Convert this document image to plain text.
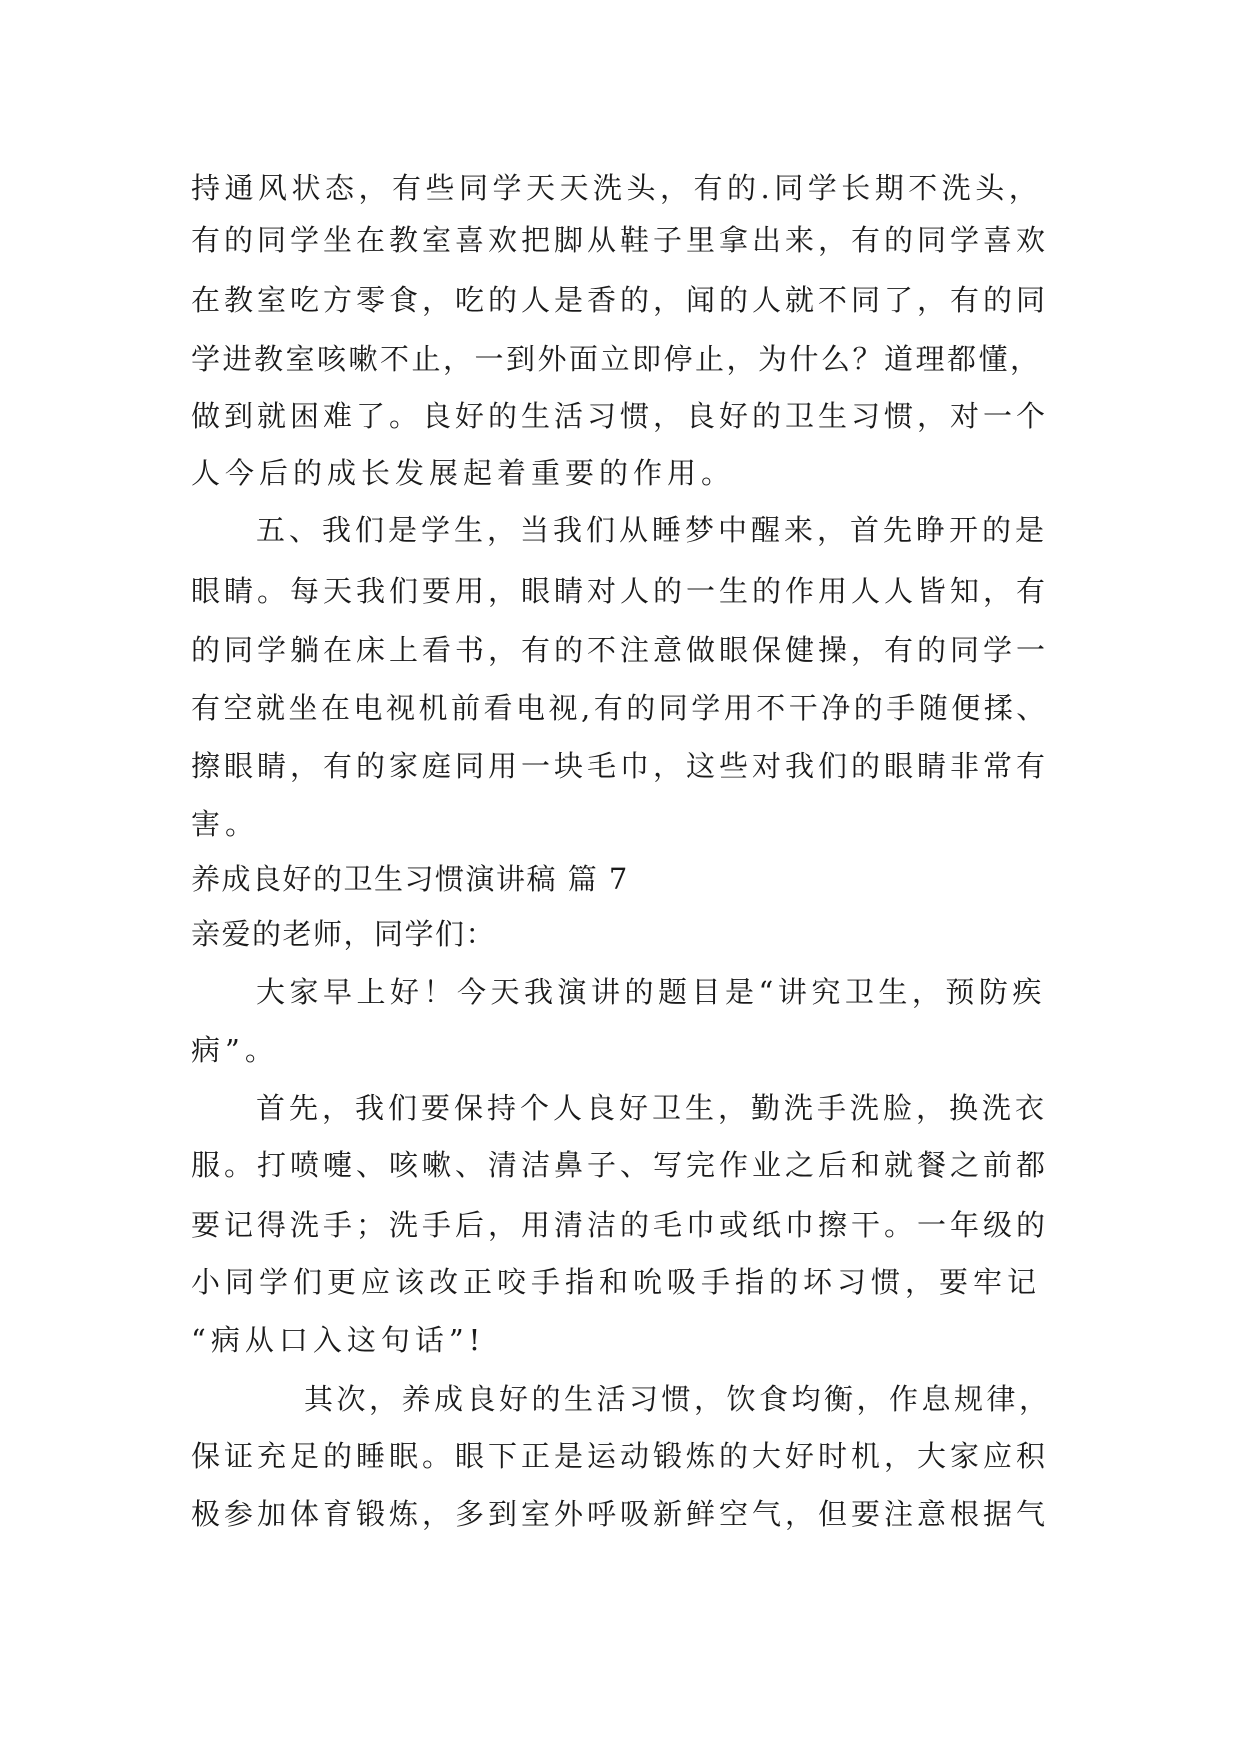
持通风状态，有些同学天天洗头，有的.同学长期不洗头，
有的同学坐在教室喜欢把脚从鞋子里拿出来，有的同学喜欢
在教室吃方零食，吃的人是香的，闻的人就不同了，有的同
学进教室咳嗽不止，一到外面立即停止，为什么？道理都懂，
做到就困难了。良好的生活习惯，良好的卫生习惯，对一个
人今后的成长发展起着重要的作用。
五、我们是学生，当我们从睡梦中醒来，首先睁开的是
眼睛。每天我们要用，眼睛对人的一生的作用人人皆知，有
的同学躺在床上看书，有的不注意做眼保健操，有的同学一
有空就坐在电视机前看电视,有的同学用不干净的手随便揉、
擦眼睛，有的家庭同用一块毛巾，这些对我们的眼睛非常有
害。
养成良好的卫生习惯演讲稿 篇 7
亲爱的老师，同学们：
大家早上好！今天我演讲的题目是“讲究卫生，预防疾
病”。
首先，我们要保持个人良好卫生，勤洗手洗脸，换洗衣
服。打喷嚏、咳嗽、清洁鼻子、写完作业之后和就餐之前都
要记得洗手；洗手后，用清洁的毛巾或纸巾擦干。一年级的
小同学们更应该改正咬手指和吮吸手指的坏习惯，要牢记
“病从口入这句话”!
其次，养成良好的生活习惯，饮食均衡，作息规律，
保证充足的睡眠。眼下正是运动锻炼的大好时机，大家应积
极参加体育锻炼，多到室外呼吸新鲜空气，但要注意根据气
